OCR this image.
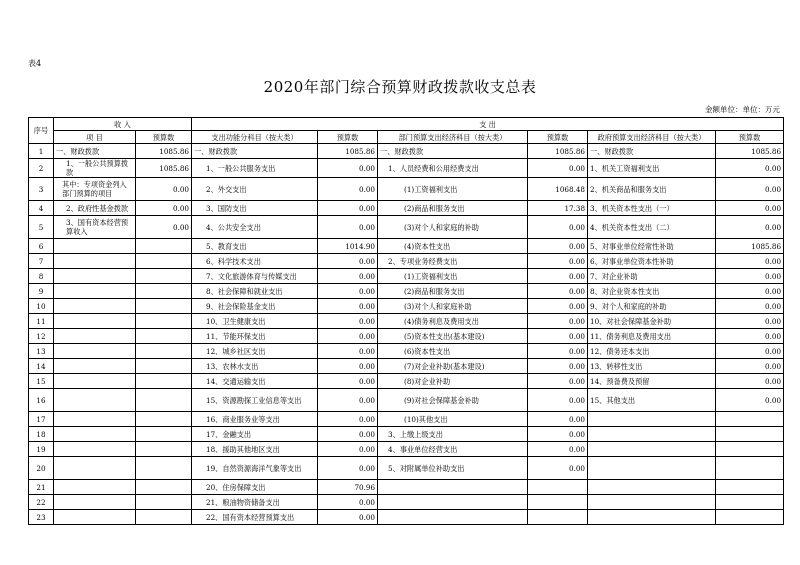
表4
2020年部门综合预算财政拨款收支总表
金额单位：单位：万元
序号	收 入		支 出					
	项 目	预算数	支出功能分科目（按大类）	预算数	部门预算支出经济科目（按大类）	预算数	政府预算支出经济科目（按大类）	预算数
1	一、财政拨款	1085.86	一、财政拨款	1085.86	一、财政拨款	1085.86	一、财政拨款	1085.86
2	1、一般公共预算拨款	1085.86	1、一般公共服务支出	0.00	1、人员经费和公用经费支出	0.00	1、机关工资福利支出	0.00
3	其中：专项资金列入部门预算的项目	0.00	2、外交支出	0.00	(1)工资福利支出	1068.48	2、机关商品和服务支出	0.00
4	2、政府性基金拨款	0.00	3、国防支出	0.00	(2)商品和服务支出	17.38	3、机关资本性支出（一）	0.00
5	3、国有资本经营预算收入	0.00	4、公共安全支出	0.00	(3)对个人和家庭的补助	0.00	4、机关资本性支出（二）	0.00
6			5、教育支出	1014.90	(4)资本性支出	0.00	5、对事业单位经常性补助	1085.86
7			6、科学技术支出	0.00	2、专项业务经费支出	0.00	6、对事业单位资本性补助	0.00
8			7、文化旅游体育与传媒支出	0.00	(1)工资福利支出	0.00	7、对企业补助	0.00
9			8、社会保障和就业支出	0.00	(2)商品和服务支出	0.00	8、对企业资本性支出	0.00
10			9、社会保险基金支出	0.00	(3)对个人和家庭补助	0.00	9、对个人和家庭的补助	0.00
11			10、卫生健康支出	0.00	(4)债务利息及费用支出	0.00	10、对社会保障基金补助	0.00
12			11、节能环保支出	0.00	(5)资本性支出(基本建设)	0.00	11、债务利息及费用支出	0.00
13			12、城乡社区支出	0.00	(6)资本性支出	0.00	12、债务还本支出	0.00
14			13、农林水支出	0.00	(7)对企业补助(基本建设)	0.00	13、转移性支出	0.00
15			14、交通运输支出	0.00	(8)对企业补助	0.00	14、预备费及预留	0.00
16			15、资源勘探工业信息等支出	0.00	(9)对社会保障基金补助	0.00	15、其他支出	0.00
17			16、商业服务业等支出	0.00	(10)其他支出	0.00		
18			17、金融支出	0.00	3、上缴上级支出	0.00		
19			18、援助其他地区支出	0.00	4、事业单位经营支出	0.00		
20			19、自然资源海洋气象等支出	0.00	5、对附属单位补助支出	0.00		
21			20、住房保障支出	70.96				
22			21、粮油物资储备支出	0.00				
23			22、国有资本经营预算支出	0.00				
